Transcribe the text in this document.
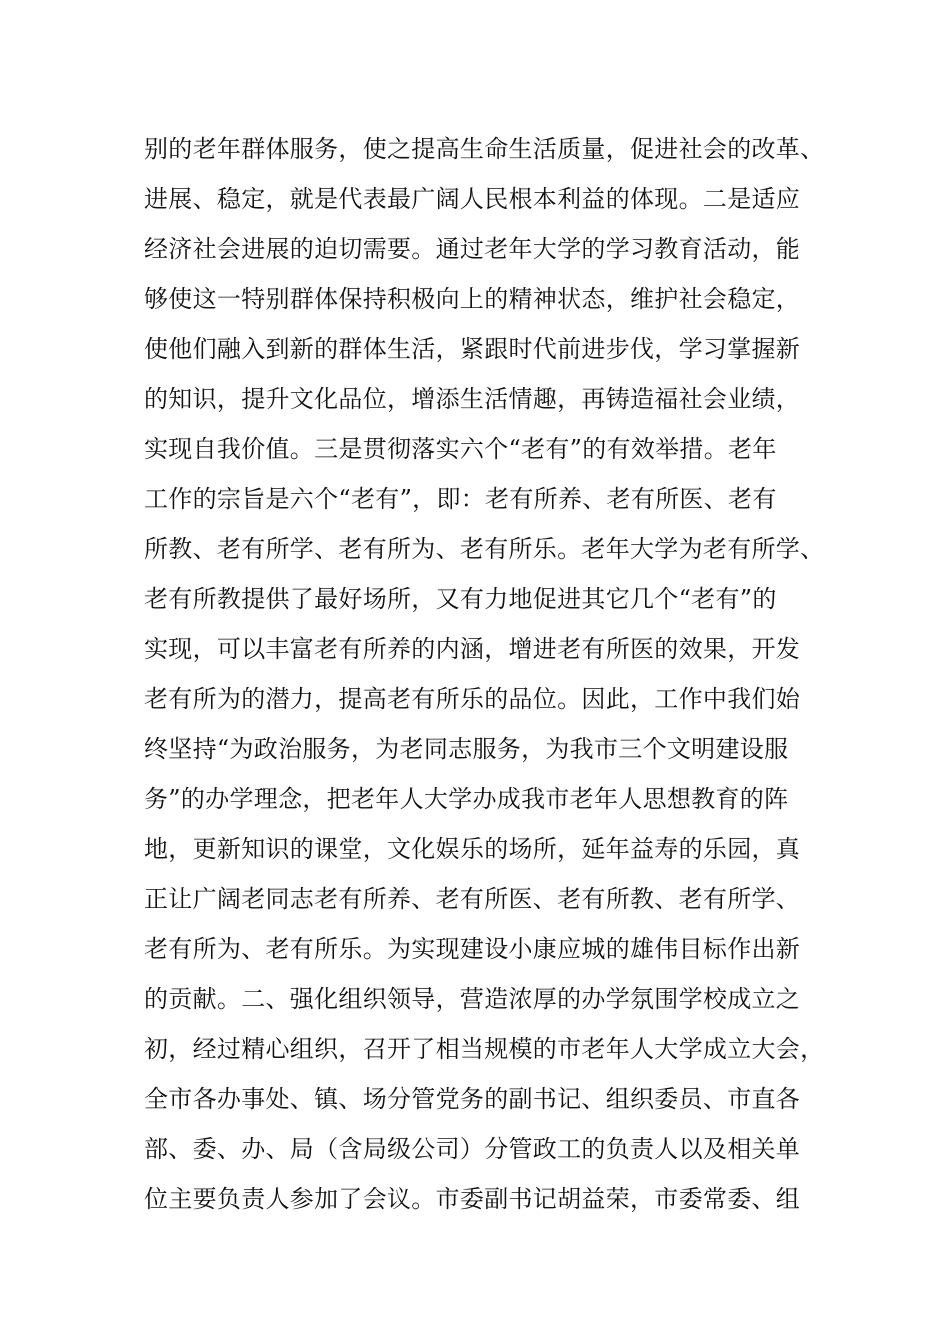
别的老年群体服务，使之提高生命生活质量，促进社会的改革、
进展、稳定，就是代表最广阔人民根本利益的体现。二是适应
经济社会进展的迫切需要。通过老年大学的学习教育活动，能
够使这一特别群体保持积极向上的精神状态，维护社会稳定，
使他们融入到新的群体生活，紧跟时代前进步伐，学习掌握新
的知识，提升文化品位，增添生活情趣，再铸造福社会业绩，
实现自我价值。三是贯彻落实六个“老有”的有效举措。老年
工作的宗旨是六个“老有”，即：老有所养、老有所医、老有
所教、老有所学、老有所为、老有所乐。老年大学为老有所学、
老有所教提供了最好场所，又有力地促进其它几个“老有”的
实现，可以丰富老有所养的内涵，增进老有所医的效果，开发
老有所为的潜力，提高老有所乐的品位。因此，工作中我们始
终坚持“为政治服务，为老同志服务，为我市三个文明建设服
务”的办学理念，把老年人大学办成我市老年人思想教育的阵
地，更新知识的课堂，文化娱乐的场所，延年益寿的乐园，真
正让广阔老同志老有所养、老有所医、老有所教、老有所学、
老有所为、老有所乐。为实现建设小康应城的雄伟目标作出新
的贡献。二、强化组织领导，营造浓厚的办学氛围学校成立之
初，经过精心组织，召开了相当规模的市老年人大学成立大会，
全市各办事处、镇、场分管党务的副书记、组织委员、市直各
部、委、办、局（含局级公司）分管政工的负责人以及相关单
位主要负责人参加了会议。市委副书记胡益荣，市委常委、组
